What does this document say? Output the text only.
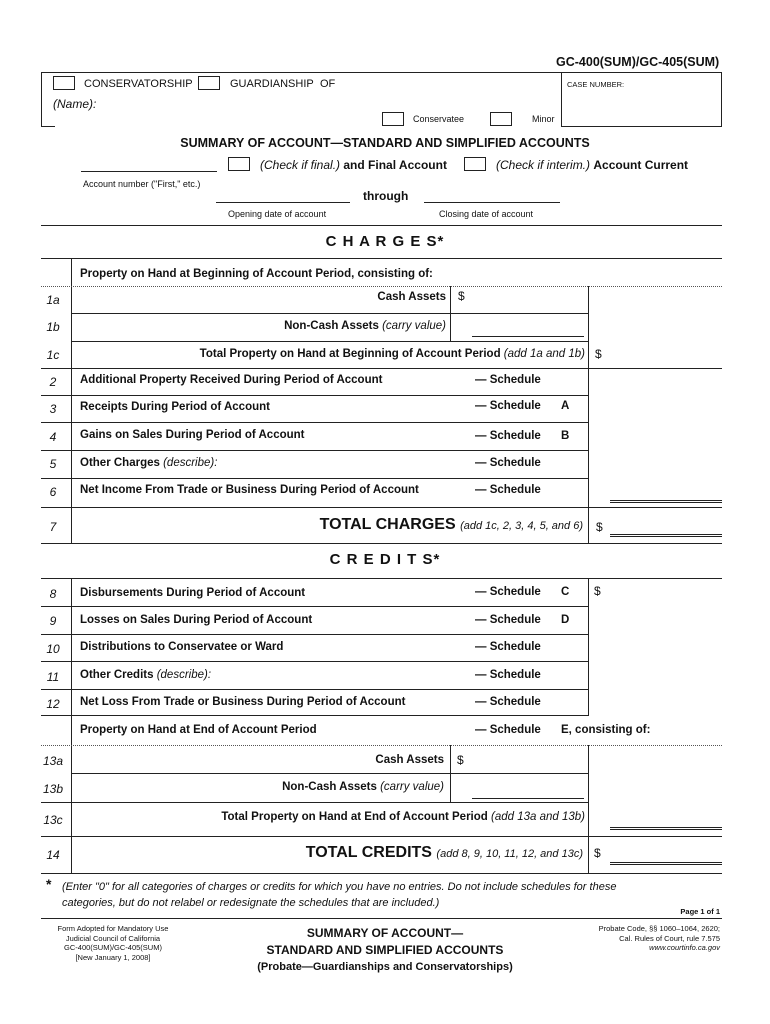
GC-400(SUM)/GC-405(SUM)
CONSERVATORSHIP	GUARDIANSHIP OF	CASE NUMBER:
(Name):
Conservatee	Minor
SUMMARY OF ACCOUNT—STANDARD AND SIMPLIFIED ACCOUNTS
(Check if final.) and Final Account	(Check if interim.) Account Current
Account number ("First," etc.)
through
Opening date of account	Closing date of account
C H A R G E S*
Property on Hand at Beginning of Account Period, consisting of:
1a	Cash Assets $
1b	Non-Cash Assets (carry value)
1c	Total Property on Hand at Beginning of Account Period (add 1a and 1b) $
2	Additional Property Received During Period of Account	— Schedule
3	Receipts During Period of Account	— Schedule A
4	Gains on Sales During Period of Account	— Schedule B
5	Other Charges (describe):	— Schedule
6	Net Income From Trade or Business During Period of Account	— Schedule
7	TOTAL CHARGES (add 1c, 2, 3, 4, 5, and 6) $
C R E D I T S*
8	Disbursements During Period of Account	— Schedule C $
9	Losses on Sales During Period of Account	— Schedule D
10	Distributions to Conservatee or Ward	— Schedule
11	Other Credits (describe):	— Schedule
12	Net Loss From Trade or Business During Period of Account	— Schedule
Property on Hand at End of Account Period	— Schedule E, consisting of:
13a	Cash Assets $
13b	Non-Cash Assets (carry value)
13c	Total Property on Hand at End of Account Period (add 13a and 13b)
14	TOTAL CREDITS (add 8, 9, 10, 11, 12, and 13c) $
* (Enter "0" for all categories of charges or credits for which you have no entries. Do not include schedules for these
categories, but do not relabel or redesignate the schedules that are included.)
Page 1 of 1
Form Adopted for Mandatory Use
Judicial Council of California
GC-400(SUM)/GC-405(SUM)
[New January 1, 2008]
SUMMARY OF ACCOUNT—
STANDARD AND SIMPLIFIED ACCOUNTS
(Probate—Guardianships and Conservatorships)
Probate Code, §§ 1060–1064, 2620;
Cal. Rules of Court, rule 7.575
www.courtinfo.ca.gov
